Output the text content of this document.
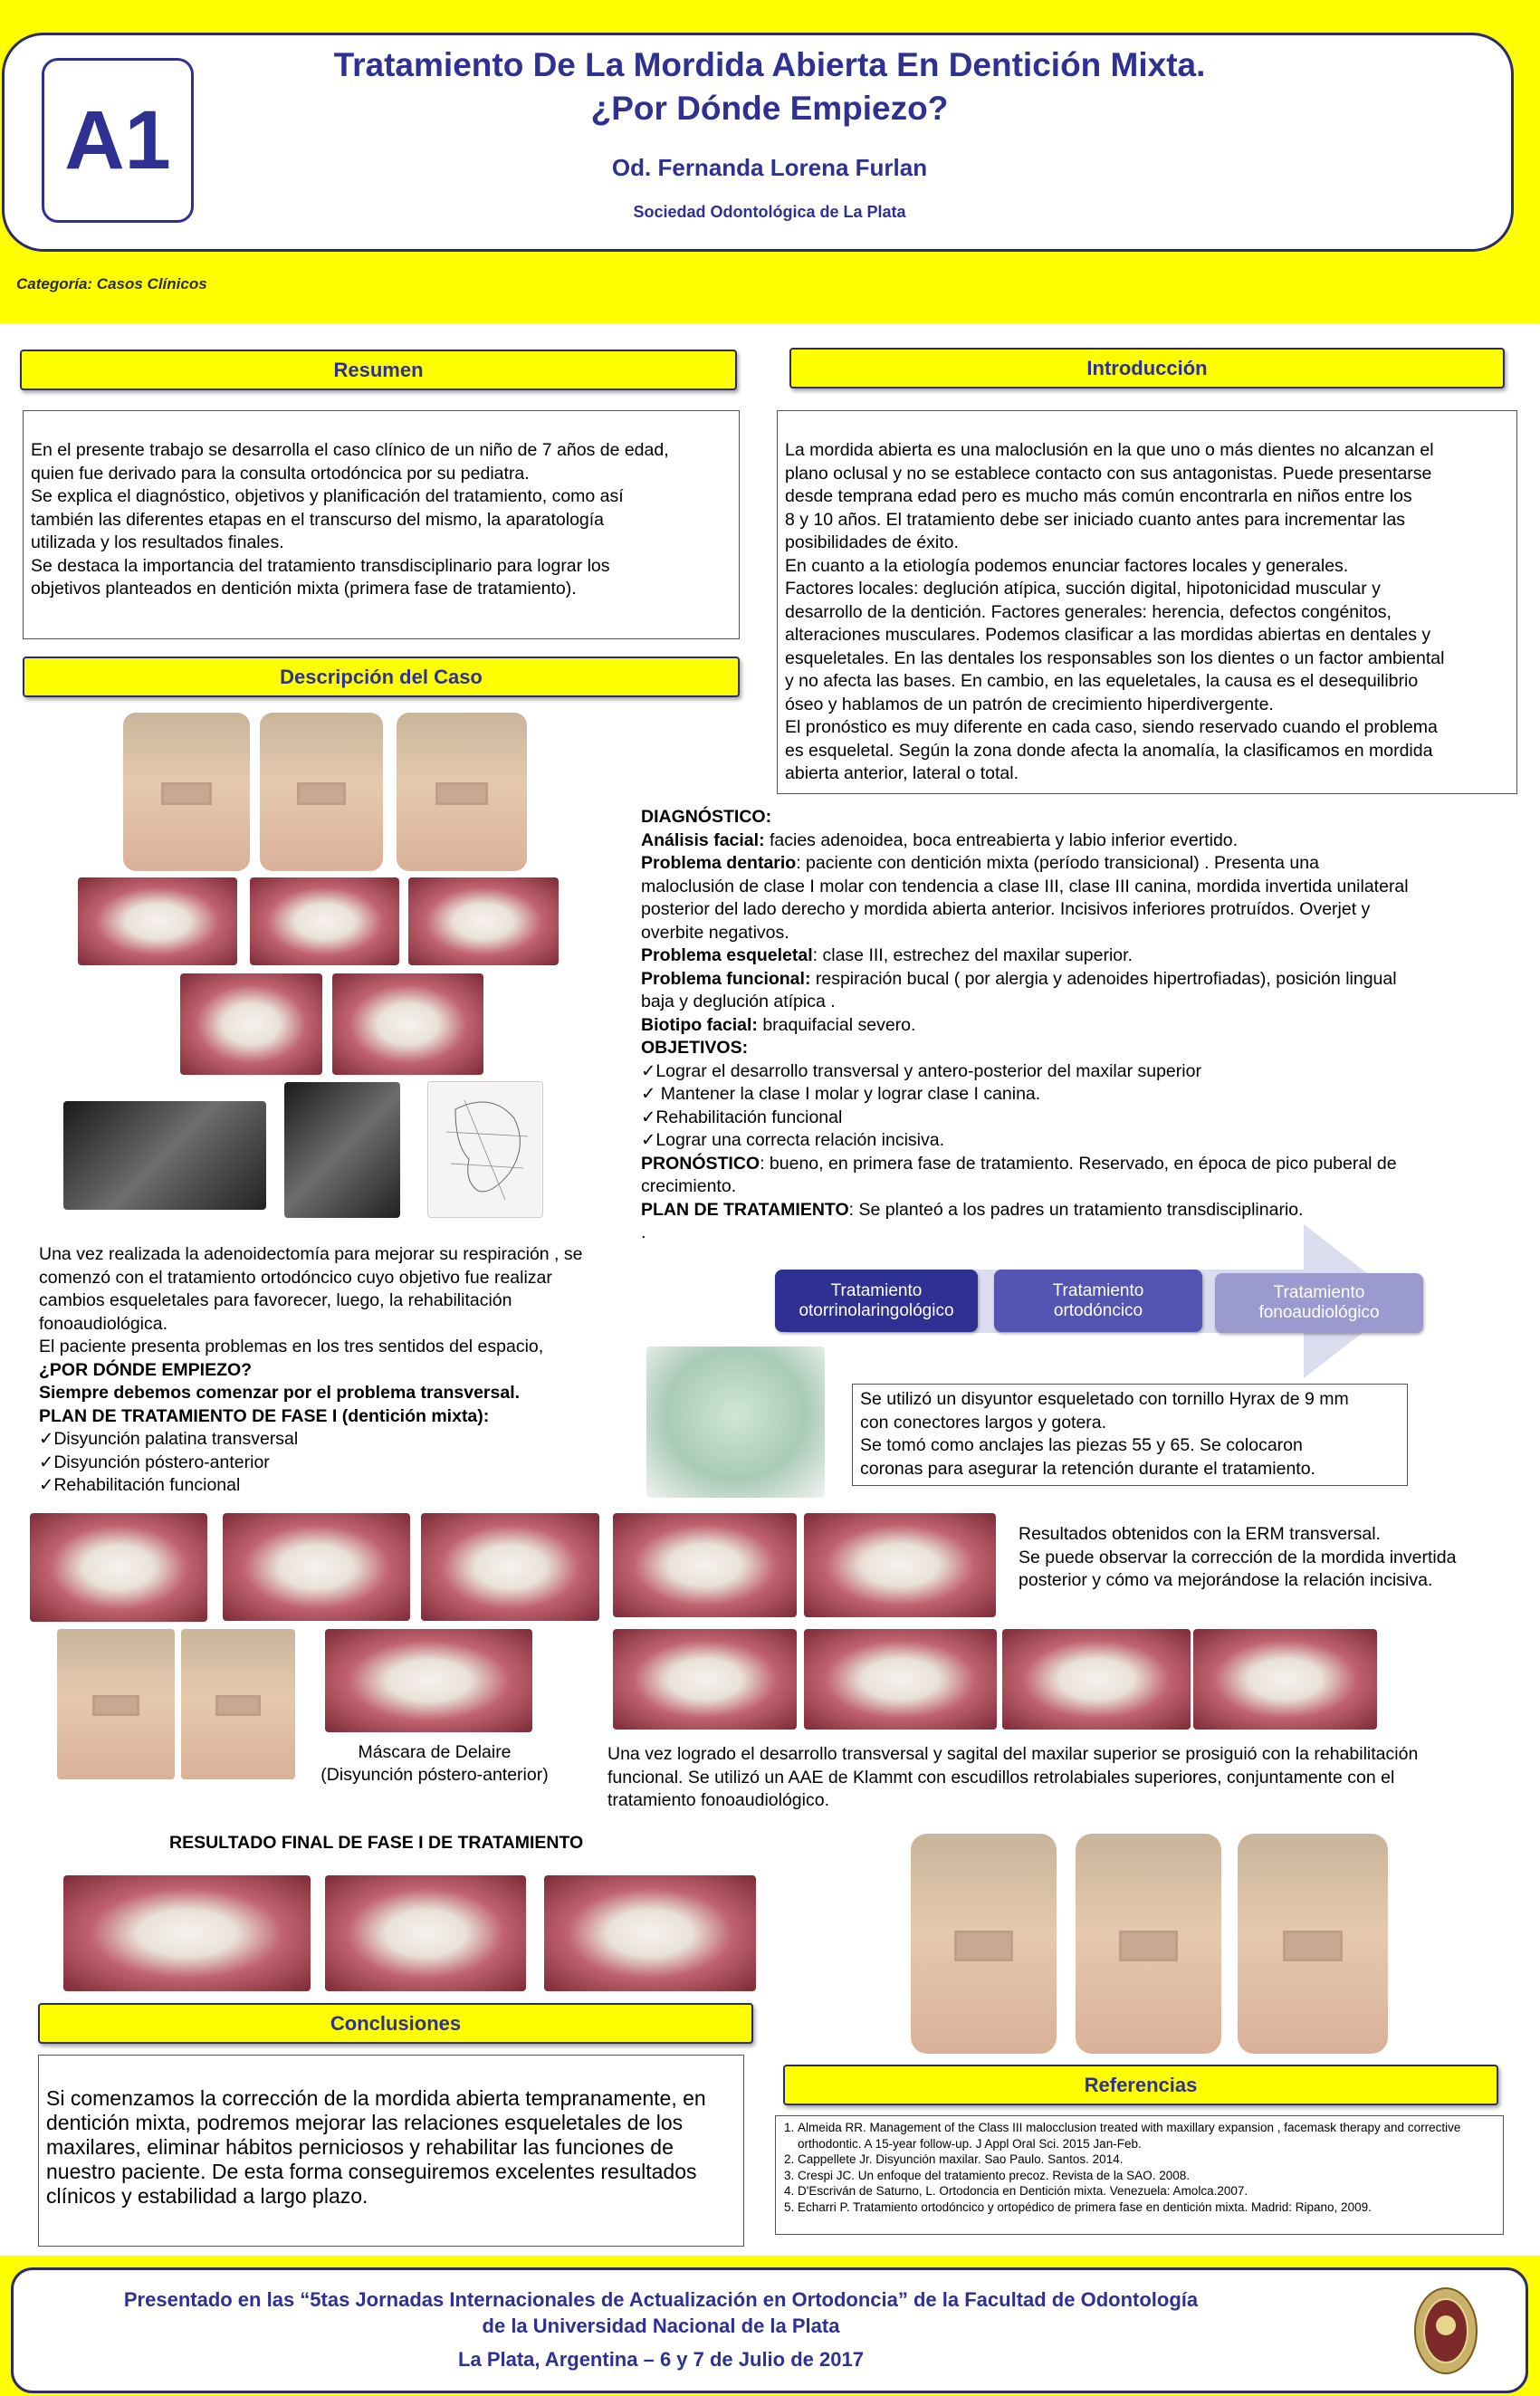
A1
Tratamiento De La Mordida Abierta En Dentición Mixta.
¿Por Dónde Empiezo?
Od. Fernanda Lorena Furlan
Sociedad Odontológica de La Plata
Categoría: Casos Clínicos
Resumen
En el presente trabajo se desarrolla el caso clínico de un niño de 7 años de edad,
quien fue derivado para la consulta ortodóncica por su pediatra.
Se explica el diagnóstico, objetivos y planificación del tratamiento, como así
también las diferentes etapas en el transcurso del mismo, la aparatología
utilizada y los resultados finales.
Se destaca la importancia del tratamiento transdisciplinario para lograr los
objetivos planteados en dentición mixta (primera fase de tratamiento).
Introducción
La mordida abierta es una maloclusión en la que uno o más dientes no alcanzan el
plano oclusal y no se establece contacto con sus antagonistas. Puede presentarse
desde temprana edad pero es mucho más común encontrarla en niños entre los
8 y 10 años. El tratamiento debe ser iniciado cuanto antes para incrementar las
posibilidades de éxito.
En cuanto a la etiología podemos enunciar factores locales y generales.
Factores locales: deglución atípica, succión digital, hipotonicidad muscular y
desarrollo de la dentición. Factores generales: herencia, defectos congénitos,
alteraciones musculares. Podemos clasificar a las mordidas abiertas en dentales y
esqueletales. En las dentales los responsables son los dientes o un factor ambiental
y no afecta las bases. En cambio, en las equeletales, la causa es el desequilibrio
óseo y hablamos de un patrón de crecimiento hiperdivergente.
El pronóstico es muy diferente en cada caso, siendo reservado cuando el problema
es esqueletal. Según la zona donde afecta la anomalía, la clasificamos en mordida
abierta anterior, lateral o total.
Descripción del Caso
DIAGNÓSTICO:
Análisis facial: facies adenoidea, boca entreabierta y labio inferior evertido.
Problema dentario: paciente con dentición mixta (período transicional) . Presenta una
maloclusión de clase I molar con tendencia a clase III, clase III canina, mordida invertida unilateral
posterior del lado derecho y mordida abierta anterior. Incisivos inferiores protruídos. Overjet y
overbite negativos.
Problema esqueletal: clase III, estrechez del maxilar superior.
Problema funcional: respiración bucal ( por alergia y adenoides hipertrofiadas), posición lingual
baja y deglución atípica .
Biotipo facial: braquifacial severo.
OBJETIVOS:
✓Lograr el desarrollo transversal y antero-posterior del maxilar superior
✓ Mantener la clase I molar y lograr clase I canina.
✓Rehabilitación funcional
✓Lograr una correcta relación incisiva.
PRONÓSTICO: bueno, en primera fase de tratamiento. Reservado, en época de pico puberal de
crecimiento.
PLAN DE TRATAMIENTO: Se planteó a los padres un tratamiento transdisciplinario.
.
Tratamiento
otorrinolaringológico
Tratamiento
ortodóncico
Tratamiento
fonoaudiológico
Una vez realizada la adenoidectomía para mejorar su respiración , se
comenzó con el tratamiento ortodóncico cuyo objetivo fue realizar
cambios esqueletales para favorecer, luego, la rehabilitación
fonoaudiológica.
El paciente presenta problemas en los tres sentidos del espacio,
¿POR DÓNDE EMPIEZO?
Siempre debemos comenzar por el problema transversal.
PLAN DE TRATAMIENTO DE FASE I (dentición mixta):
✓Disyunción palatina transversal
✓Disyunción póstero-anterior
✓Rehabilitación funcional
Se utilizó un disyuntor esqueletado con tornillo Hyrax de 9 mm
con conectores largos y gotera.
Se tomó como anclajes las piezas 55 y 65. Se colocaron
coronas para asegurar la retención durante el tratamiento.
Resultados obtenidos con la ERM transversal.
Se puede observar la corrección de la mordida invertida
posterior y cómo va mejorándose la relación incisiva.
Máscara de Delaire
(Disyunción póstero-anterior)
Una vez logrado el desarrollo transversal y sagital del maxilar superior se prosiguió con la rehabilitación
funcional. Se utilizó un AAE de Klammt con escudillos retrolabiales superiores, conjuntamente con el
tratamiento fonoaudiológico.
RESULTADO FINAL DE FASE I DE TRATAMIENTO
Conclusiones
Si comenzamos la corrección de la mordida abierta tempranamente, en
dentición mixta, podremos mejorar las relaciones esqueletales de los
maxilares, eliminar hábitos perniciosos y rehabilitar las funciones de
nuestro paciente. De esta forma conseguiremos excelentes resultados
clínicos y estabilidad a largo plazo.
Referencias
1. Almeida RR. Management of the Class III malocclusion treated with maxillary expansion , facemask therapy and corrective orthodontic. A 15-year follow-up. J Appl Oral Sci. 2015 Jan-Feb.
2. Cappellete Jr. Disyunción maxilar. Sao Paulo. Santos. 2014.
3. Crespi JC. Un enfoque del tratamiento precoz. Revista de la SAO. 2008.
4. D'Escriván de Saturno, L. Ortodoncia en Dentición mixta. Venezuela: Amolca.2007.
5. Echarri P. Tratamiento ortodóncico y ortopédico de primera fase en dentición mixta. Madrid: Ripano, 2009.
Presentado en las “5tas Jornadas Internacionales de Actualización en Ortodoncia” de la Facultad de Odontología
de la Universidad Nacional de la Plata
La Plata, Argentina – 6 y 7 de Julio de 2017
